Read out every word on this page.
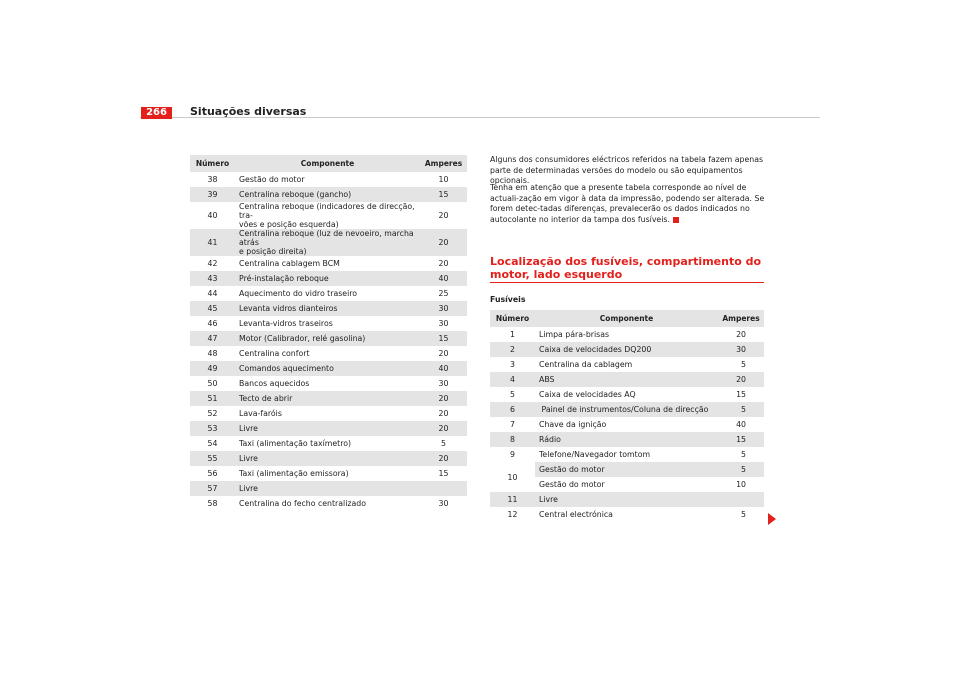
266	Situações diversas
Número	Componente	Amperes
38	Gestão do motor	10
39	Centralina reboque (gancho)	15
40	Centralina reboque (indicadores de direcção, tra-
vões e posição esquerda)	20
41	Centralina reboque (luz de nevoeiro, marcha atrás
e posição direita)	20
42	Centralina cablagem BCM	20
43	Pré-instalação reboque	40
44	Aquecimento do vidro traseiro	25
45	Levanta vidros dianteiros	30
46	Levanta-vidros traseiros	30
47	Motor (Calibrador, relé gasolina)	15
48	Centralina confort	20
49	Comandos aquecimento	40
50	Bancos aquecidos	30
51	Tecto de abrir	20
52	Lava-faróis	20
53	Livre	20
54	Taxi (alimentação taxímetro)	5
55	Livre	20
56	Taxi (alimentação emissora)	15
57	Livre	
58	Centralina do fecho centralizado	30

Alguns dos consumidores eléctricos referidos na tabela fazem apenas parte de determinadas versões do modelo ou são equipamentos opcionais.

Tenha em atenção que a presente tabela corresponde ao nível de actuali-zação em vigor à data da impressão, podendo ser alterada. Se forem detec-tadas diferenças, prevalecerão os dados indicados no autocolante no interior da tampa dos fusíveis.

Localização dos fusíveis, compartimento do motor, lado esquerdo
Fusíveis
Número	Componente	Amperes
1	Limpa pára-brisas	20
2	Caixa de velocidades DQ200	30
3	Centralina da cablagem	5
4	ABS	20
5	Caixa de velocidades AQ	15
6	Painel de instrumentos/Coluna de direcção	5
7	Chave da ignição	40
8	Rádio	15
9	Telefone/Navegador tomtom	5
10	Gestão do motor	5
	Gestão do motor	10
11	Livre	
12	Central electrónica	5
